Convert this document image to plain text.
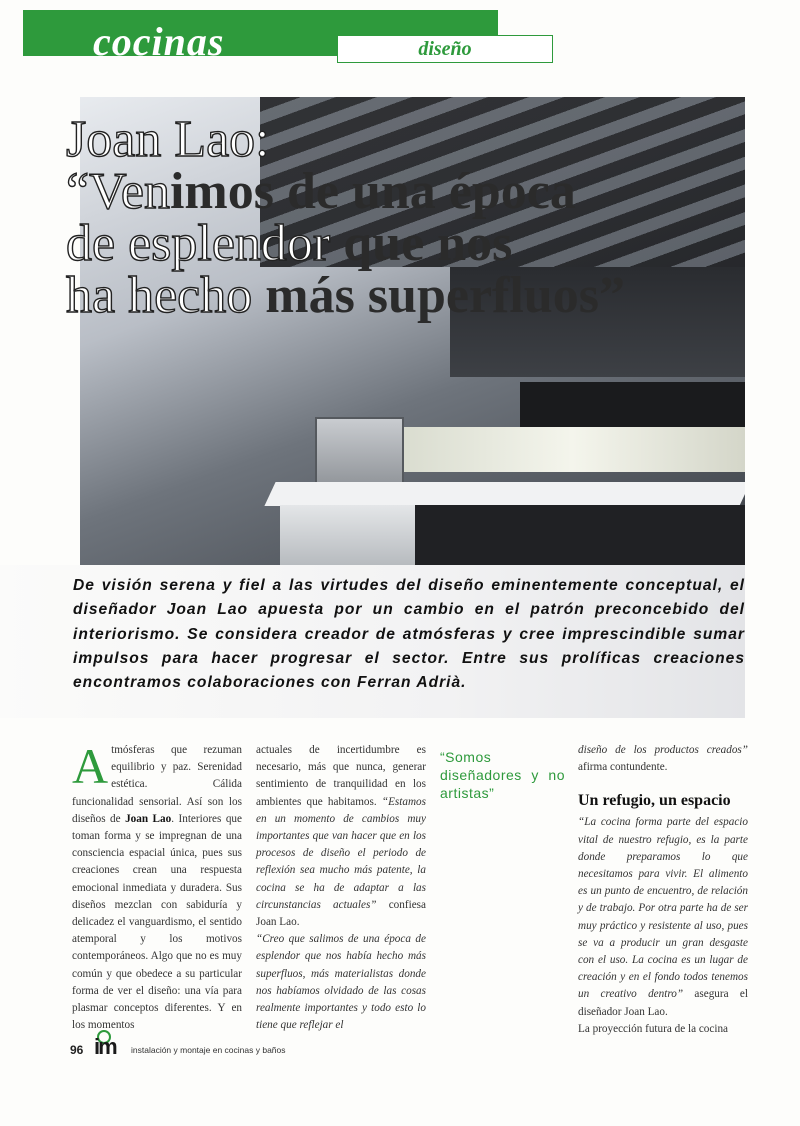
cocinas	diseño
Joan Lao:
“Venimos de una época
de esplendor que nos
ha hecho más superfluos”

De visión serena y fiel a las virtudes del diseño eminentemente conceptual, el diseñador Joan Lao apuesta por un cambio en el patrón preconcebido del interiorismo. Se considera creador de atmósferas y cree imprescindible sumar impulsos para hacer progresar el sector. Entre sus prolíficas creaciones encontramos colaboraciones con Ferran Adrià.

Atmósferas que rezuman equilibrio y paz. Serenidad estética. Cálida funcionalidad sensorial. Así son los diseños de Joan Lao. Interiores que toman forma y se impregnan de una consciencia espacial única, pues sus creaciones crean una respuesta emocional inmediata y duradera. Sus diseños mezclan con sabiduría y delicadez el vanguardismo, el sentido atemporal y los motivos contemporáneos. Algo que no es muy común y que obedece a su particular forma de ver el diseño: una vía para plasmar conceptos diferentes. Y en los momentos

actuales de incertidumbre es necesario, más que nunca, generar sentimiento de tranquilidad en los ambientes que habitamos. “Estamos en un momento de cambios muy importantes que van hacer que en los procesos de diseño el periodo de reflexión sea mucho más patente, la cocina se ha de adaptar a las circunstancias actuales” confiesa Joan Lao.

“Creo que salimos de una época de esplendor que nos había hecho más superfluos, más materialistas donde nos habíamos olvidado de las cosas realmente importantes y todo esto lo tiene que reflejar el

“Somos diseñadores y no artistas”

diseño de los productos creados” afirma contundente.

Un refugio, un espacio

“La cocina forma parte del espacio vital de nuestro refugio, es la parte donde preparamos lo que necesitamos para vivir. El alimento es un punto de encuentro, de relación y de trabajo. Por otra parte ha de ser muy práctico y resistente al uso, pues se va a producir un gran desgaste con el uso. La cocina es un lugar de creación y en el fondo todos tenemos un creativo dentro” asegura el diseñador Joan Lao.

La proyección futura de la cocina

96 im	instalación y montaje en cocinas y baños
